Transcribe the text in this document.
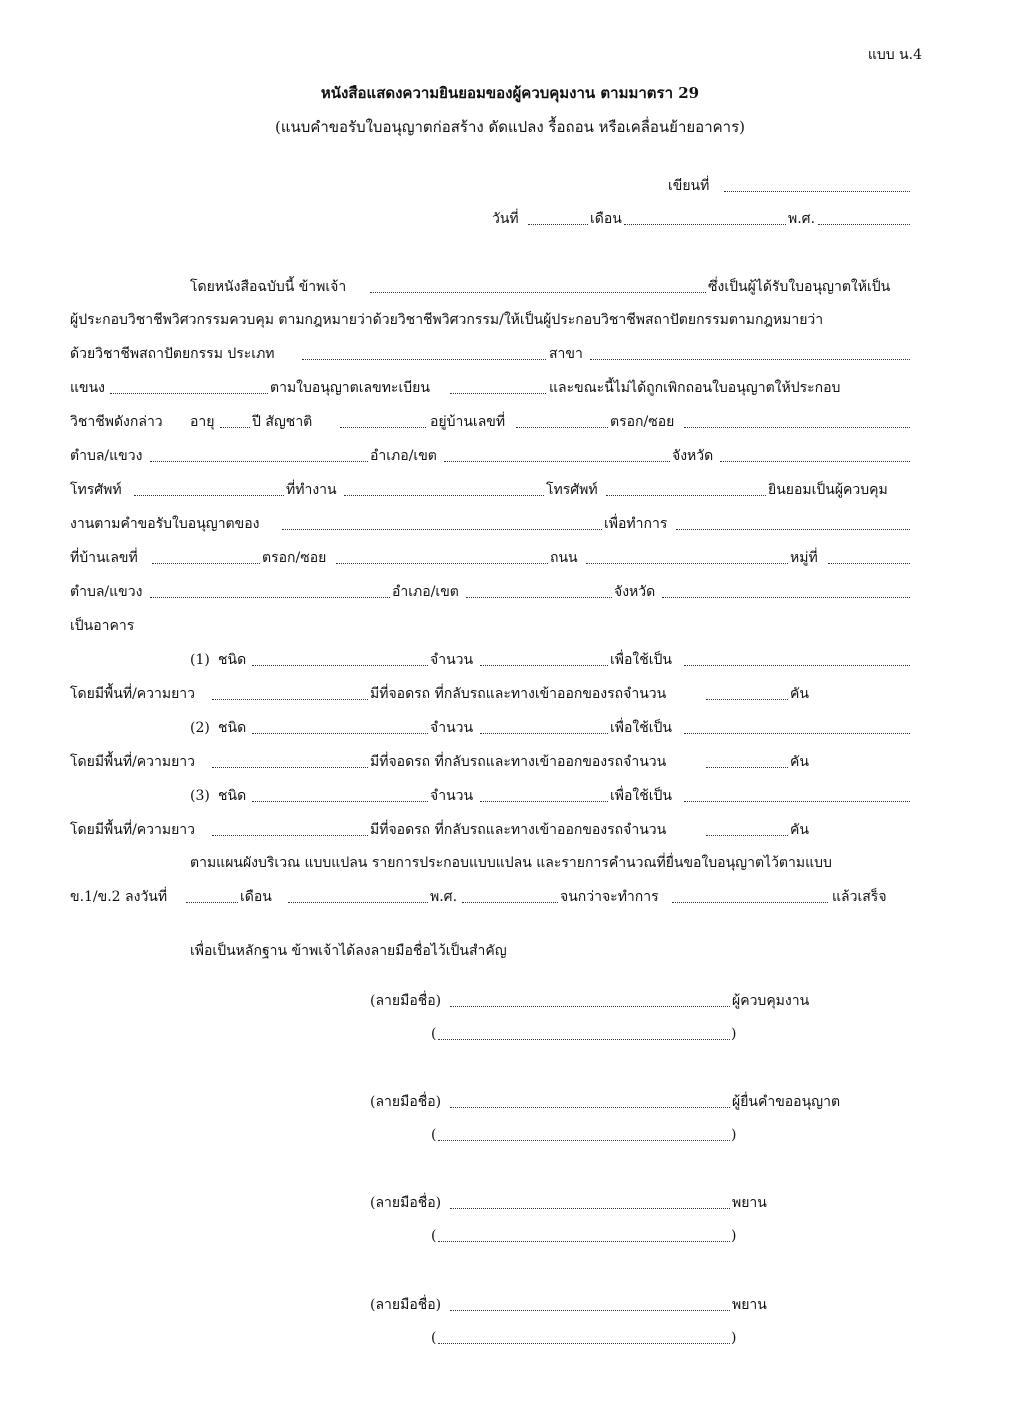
แบบ น.4
หนังสือแสดงความยินยอมของผู้ควบคุมงาน ตามมาตรา 29
(แนบคำขอรับใบอนุญาตก่อสร้าง ดัดแปลง รื้อถอน หรือเคลื่อนย้ายอาคาร)
เขียนที่
วันที่	เดือน	พ.ศ.
โดยหนังสือฉบับนี้ ข้าพเจ้า	ซึ่งเป็นผู้ได้รับใบอนุญาตให้เป็น
ผู้ประกอบวิชาชีพวิศวกรรมควบคุม ตามกฎหมายว่าด้วยวิชาชีพวิศวกรรม/ให้เป็นผู้ประกอบวิชาชีพสถาปัตยกรรมตามกฎหมายว่า
ด้วยวิชาชีพสถาปัตยกรรม ประเภท	สาขา
แขนง	ตามใบอนุญาตเลขทะเบียน	และขณะนี้ไม่ได้ถูกเพิกถอนใบอนุญาตให้ประกอบ
วิชาชีพดังกล่าว อายุ	ปี สัญชาติ	อยู่บ้านเลขที่	ตรอก/ซอย
ตำบล/แขวง	อำเภอ/เขต	จังหวัด
โทรศัพท์	ที่ทำงาน	โทรศัพท์	ยินยอมเป็นผู้ควบคุม
งานตามคำขอรับใบอนุญาตของ	เพื่อทำการ
ที่บ้านเลขที่	ตรอก/ซอย	ถนน	หมู่ที่
ตำบล/แขวง	อำเภอ/เขต	จังหวัด
เป็นอาคาร
(1) ชนิด	จำนวน	เพื่อใช้เป็น
โดยมีพื้นที่/ความยาว	มีที่จอดรถ ที่กลับรถและทางเข้าออกของรถจำนวน	คัน
(2) ชนิด	จำนวน	เพื่อใช้เป็น
โดยมีพื้นที่/ความยาว	มีที่จอดรถ ที่กลับรถและทางเข้าออกของรถจำนวน	คัน
(3) ชนิด	จำนวน	เพื่อใช้เป็น
โดยมีพื้นที่/ความยาว	มีที่จอดรถ ที่กลับรถและทางเข้าออกของรถจำนวน	คัน
ตามแผนผังบริเวณ แบบแปลน รายการประกอบแบบแปลน และรายการคำนวณที่ยื่นขอใบอนุญาตไว้ตามแบบ
ข.1/ข.2 ลงวันที่	เดือน	พ.ศ.	จนกว่าจะทำการ	แล้วเสร็จ
เพื่อเป็นหลักฐาน ข้าพเจ้าได้ลงลายมือชื่อไว้เป็นสำคัญ
(ลายมือชื่อ)	ผู้ควบคุมงาน
(	)
(ลายมือชื่อ)	ผู้ยื่นคำขออนุญาต
(	)
(ลายมือชื่อ)	พยาน
(	)
(ลายมือชื่อ)	พยาน
(	)
